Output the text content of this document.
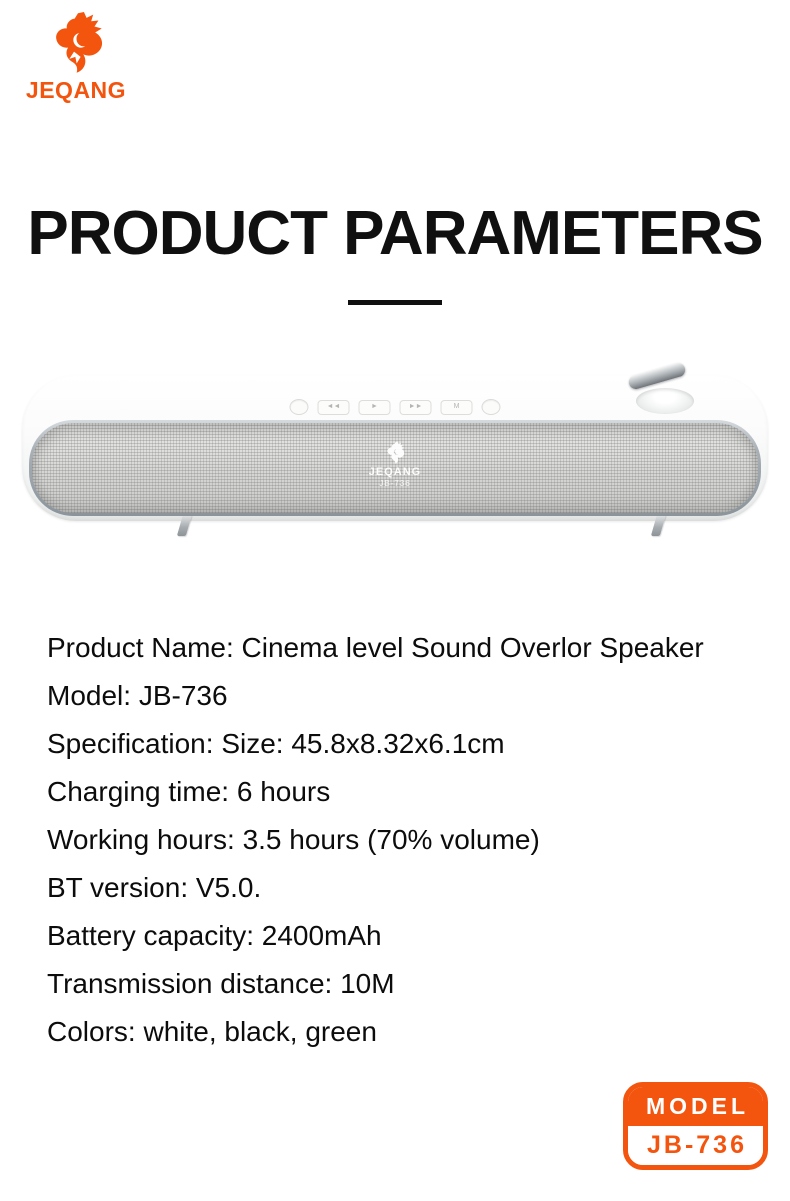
JEQANG
PRODUCT PARAMETERS
◄◄	►	►►	M
JEQANG
JB-736
Product Name: Cinema level Sound Overlor Speaker
Model: JB-736
Specification: Size: 45.8x8.32x6.1cm
Charging time: 6 hours
Working hours: 3.5 hours (70% volume)
BT version: V5.0.
Battery capacity: 2400mAh
Transmission distance: 10M
Colors: white, black, green
MODEL
JB-736
